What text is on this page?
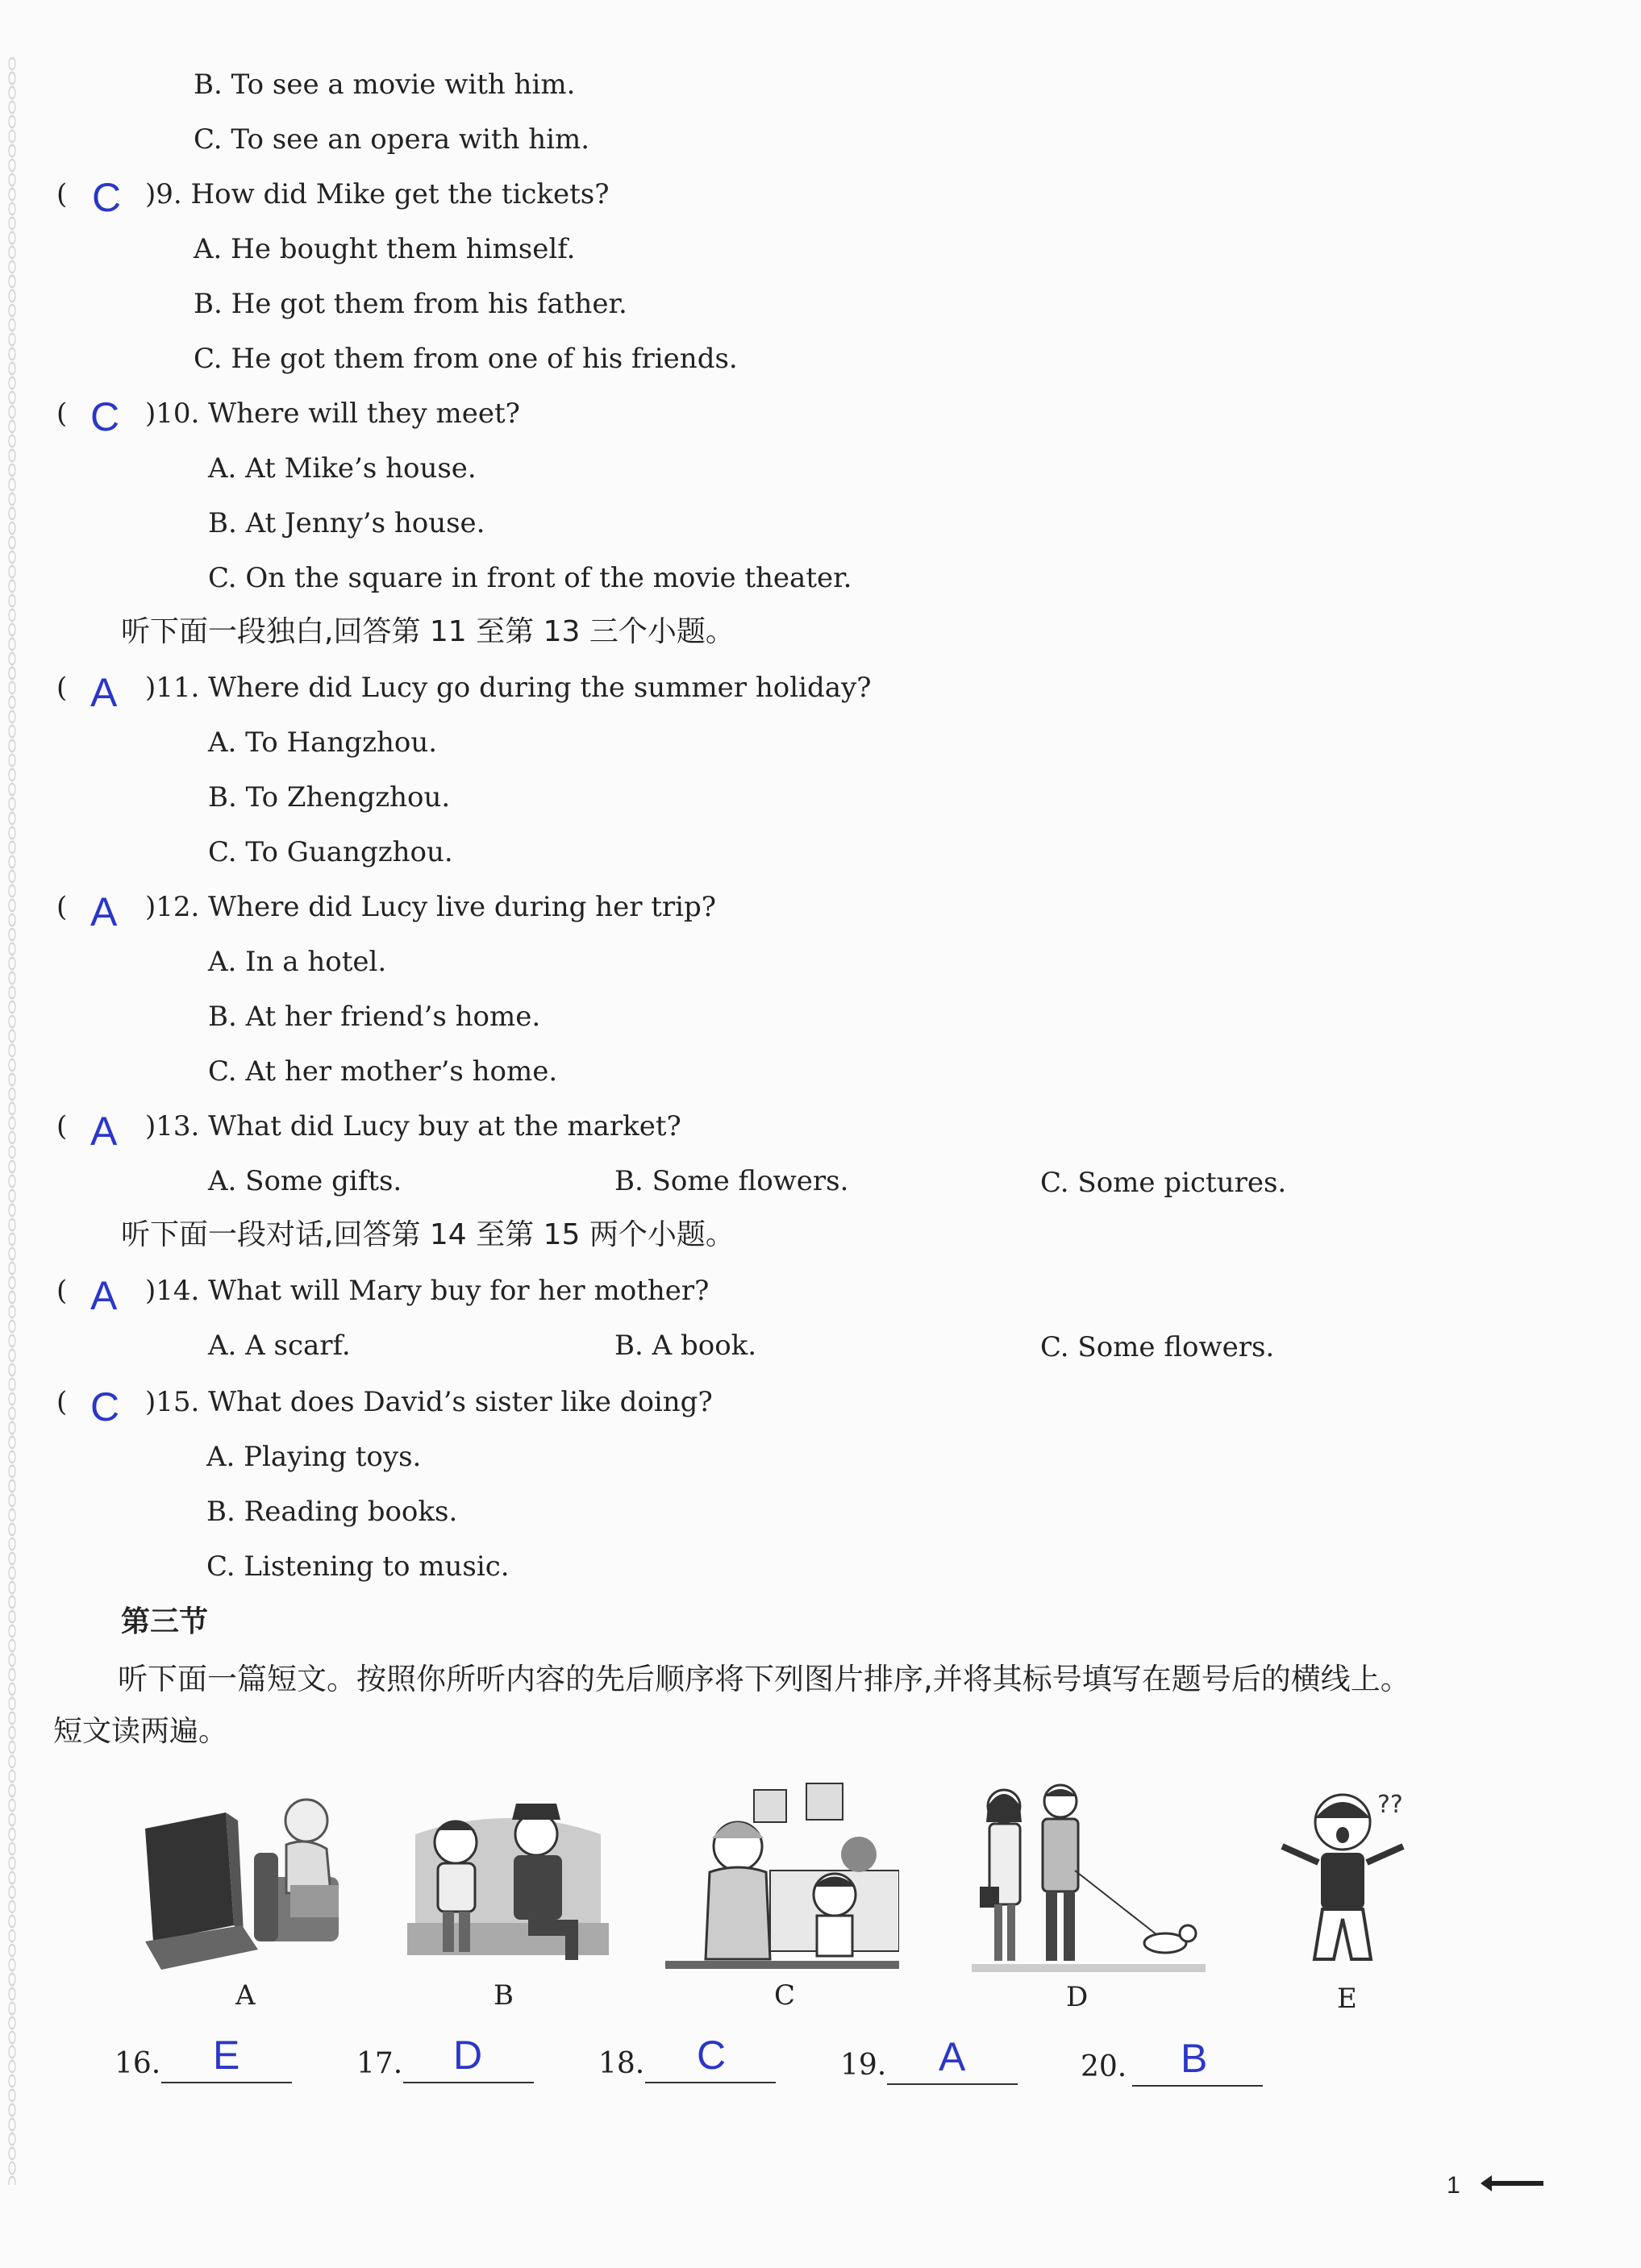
B. To see a movie with him.
C. To see an opera with him.
( C )9. How did Mike get the tickets?
A. He bought them himself.
B. He got them from his father.
C. He got them from one of his friends.
( C )10. Where will they meet?
A. At Mike’s house.
B. At Jenny’s house.
C. On the square in front of the movie theater.
听下面一段独白,回答第 11 至第 13 三个小题。
( A )11. Where did Lucy go during the summer holiday?
A. To Hangzhou.
B. To Zhengzhou.
C. To Guangzhou.
( A )12. Where did Lucy live during her trip?
A. In a hotel.
B. At her friend’s home.
C. At her mother’s home.
( A )13. What did Lucy buy at the market?
A. Some gifts.	B. Some flowers.	C. Some pictures.
听下面一段对话,回答第 14 至第 15 两个小题。
( A )14. What will Mary buy for her mother?
A. A scarf.	B. A book.	C. Some flowers.
( C )15. What does David’s sister like doing?
A. Playing toys.
B. Reading books.
C. Listening to music.
第三节
听下面一篇短文。按照你所听内容的先后顺序将下列图片排序,并将其标号填写在题号后的横线上。
短文读两遍。
A	B	C	D
??
E
16. E	17. D	18. C	19. A	20. B
1
